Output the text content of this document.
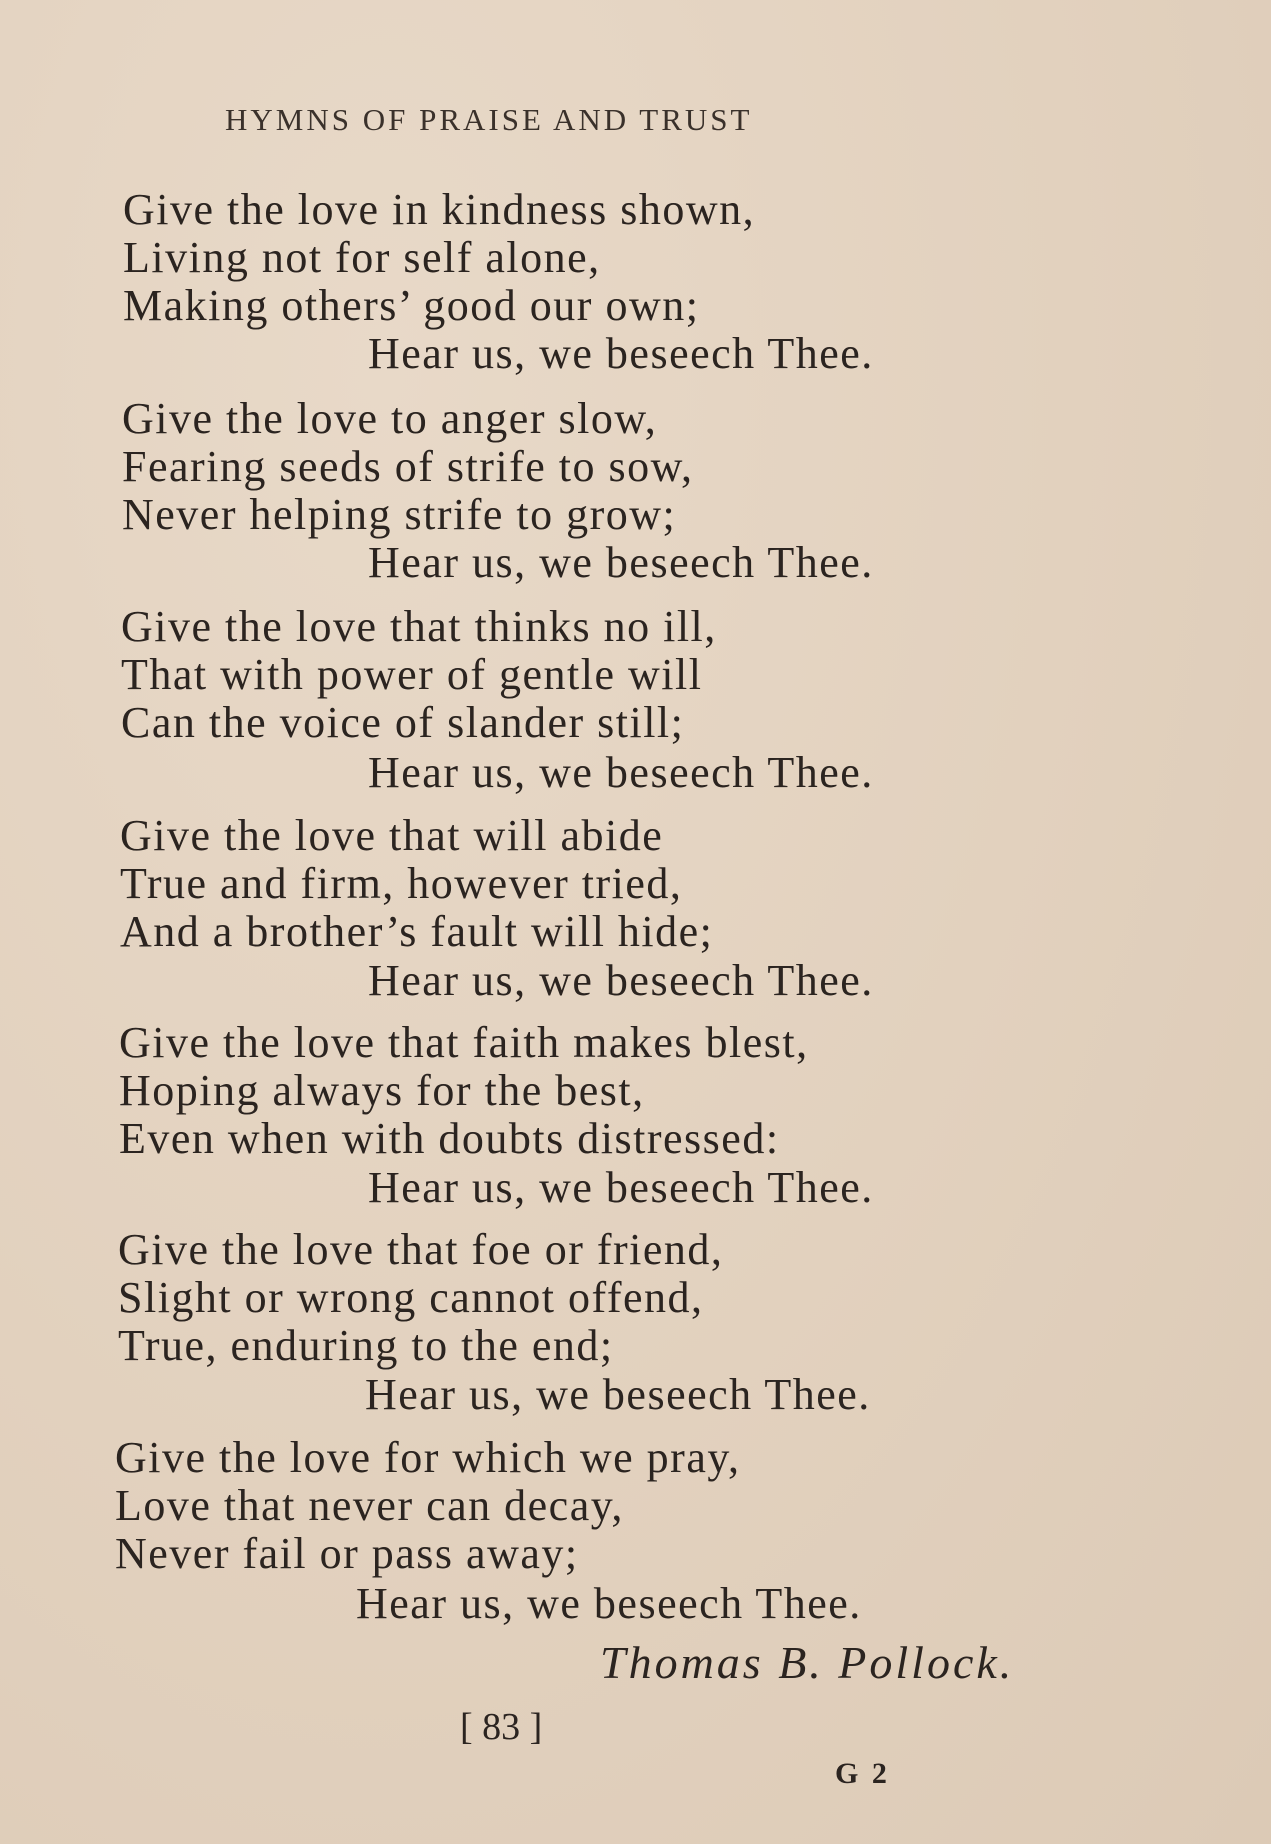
HYMNS OF PRAISE AND TRUST
Give the love in kindness shown,
Living not for self alone,
Making others’ good our own;
Hear us, we beseech Thee.
Give the love to anger slow,
Fearing seeds of strife to sow,
Never helping strife to grow;
Hear us, we beseech Thee.
Give the love that thinks no ill,
That with power of gentle will
Can the voice of slander still;
Hear us, we beseech Thee.
Give the love that will abide
True and firm, however tried,
And a brother’s fault will hide;
Hear us, we beseech Thee.
Give the love that faith makes blest,
Hoping always for the best,
Even when with doubts distressed:
Hear us, we beseech Thee.
Give the love that foe or friend,
Slight or wrong cannot offend,
True, enduring to the end;
Hear us, we beseech Thee.
Give the love for which we pray,
Love that never can decay,
Never fail or pass away;
Hear us, we beseech Thee.
Thomas B. Pollock.
[ 83 ]
G 2
